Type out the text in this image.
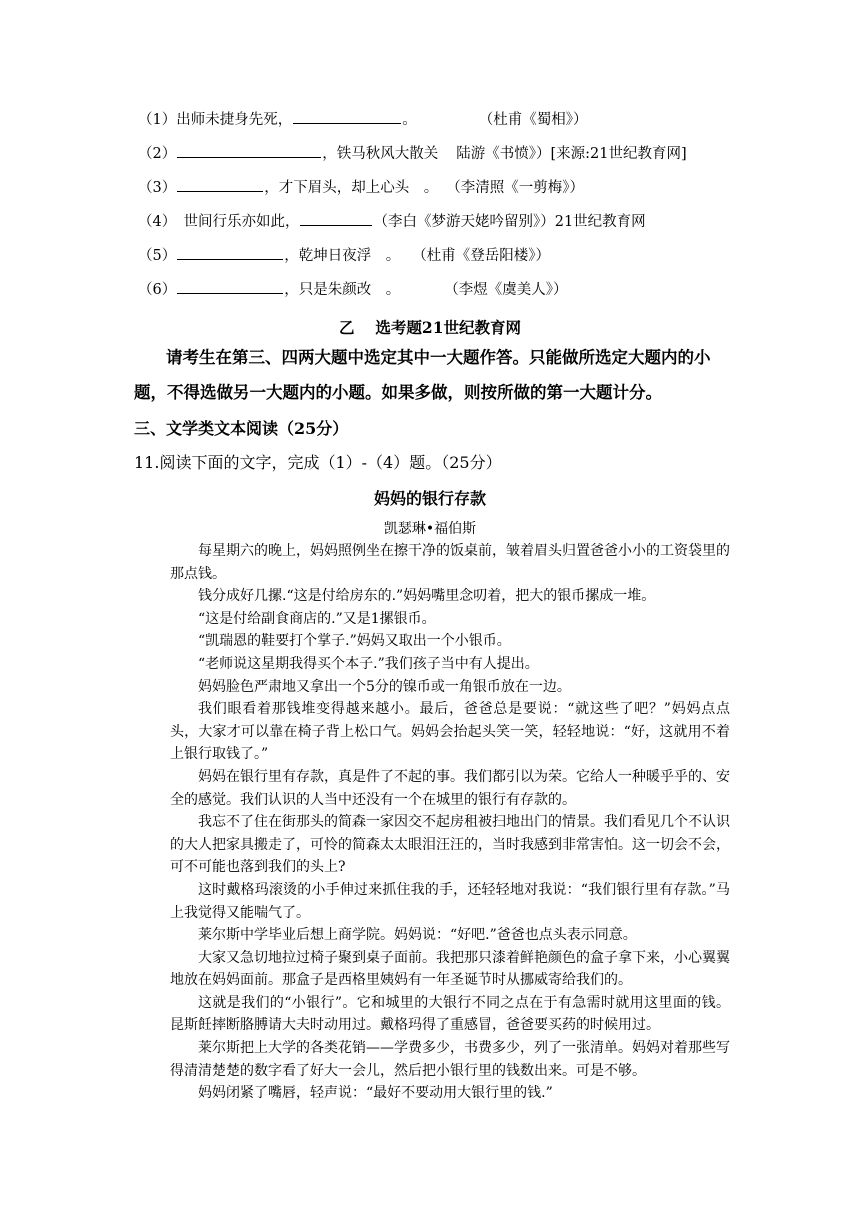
（1）出师未捷身先死，	。	（杜甫《蜀相》）
（2）	，铁马秋风大散关 陆游《书愤》）[来源:21世纪教育网]
（3）	，才下眉头，却上心头　。 （李清照《一剪梅》）
（4）　世间行乐亦如此，	（李白《梦游天姥吟留别》）21世纪教育网
（5）	，乾坤日夜浮　。 （杜甫《登岳阳楼》）
（6）	，只是朱颜改　。	（李煜《虞美人》）
乙　 选考题21世纪教育网
请考生在第三、四两大题中选定其中一大题作答。只能做所选定大题内的小题，不得选做另一大题内的小题。如果多做，则按所做的第一大题计分。
三、文学类文本阅读（25分）
11.阅读下面的文字，完成（1）-（4）题。（25分）
妈妈的银行存款
凯瑟琳•福伯斯

每星期六的晚上，妈妈照例坐在擦干净的饭桌前，皱着眉头归置爸爸小小的工资袋里的那点钱。

钱分成好几摞.“这是付给房东的.”妈妈嘴里念叨着，把大的银币摞成一堆。

“这是付给副食商店的.”又是1摞银币。

“凯瑞恩的鞋要打个掌子.”妈妈又取出一个小银币。

“老师说这星期我得买个本子.”我们孩子当中有人提出。

妈妈脸色严肃地又拿出一个5分的镍币或一角银币放在一边。

我们眼看着那钱堆变得越来越小。最后，爸爸总是要说：“就这些了吧？”妈妈点点头，大家才可以靠在椅子背上松口气。妈妈会抬起头笑一笑，轻轻地说：“好，这就用不着上银行取钱了。”

妈妈在银行里有存款，真是件了不起的事。我们都引以为荣。它给人一种暖乎乎的、安全的感觉。我们认识的人当中还没有一个在城里的银行有存款的。

我忘不了住在街那头的简森一家因交不起房租被扫地出门的情景。我们看见几个不认识的大人把家具搬走了，可怜的简森太太眼泪汪汪的，当时我感到非常害怕。这一切会不会，可不可能也落到我们的头上?

这时戴格玛滚烫的小手伸过来抓住我的手，还轻轻地对我说：“我们银行里有存款。”马上我觉得又能喘气了。

莱尔斯中学毕业后想上商学院。妈妈说：“好吧.”爸爸也点头表示同意。

大家又急切地拉过椅子聚到桌子面前。我把那只漆着鲜艳颜色的盒子拿下来，小心翼翼地放在妈妈面前。那盒子是西格里姨妈有一年圣诞节时从挪威寄给我们的。

这就是我们的“小银行”。它和城里的大银行不同之点在于有急需时就用这里面的钱。昆斯飪摔断胳膊请大夫时动用过。戴格玛得了重感冒，爸爸要买药的时候用过。

莱尔斯把上大学的各类花销——学费多少，书费多少，列了一张清单。妈妈对着那些写得清清楚楚的数字看了好大一会儿，然后把小银行里的钱数出来。可是不够。

妈妈闭紧了嘴唇，轻声说：“最好不要动用大银行里的钱.”
